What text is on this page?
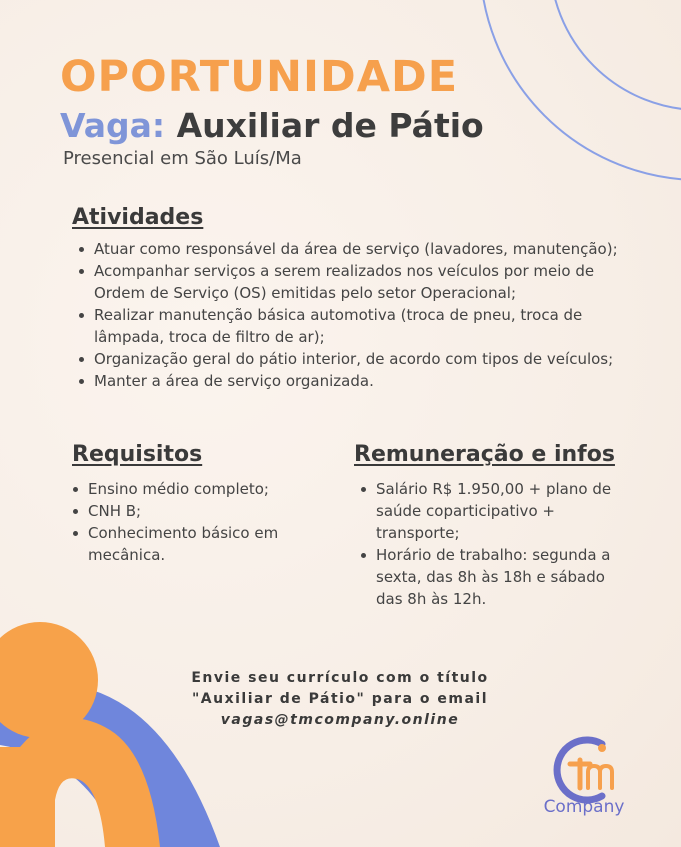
OPORTUNIDADE
Vaga: Auxiliar de Pátio
Presencial em São Luís/Ma
Atividades
Atuar como responsável da área de serviço (lavadores, manutenção);
Acompanhar serviços a serem realizados nos veículos por meio de Ordem de Serviço (OS) emitidas pelo setor Operacional;
Realizar manutenção básica automotiva (troca de pneu, troca de lâmpada, troca de filtro de ar);
Organização geral do pátio interior, de acordo com tipos de veículos;
Manter a área de serviço organizada.
Requisitos
Ensino médio completo;
CNH B;
Conhecimento básico em mecânica.
Remuneração e infos
Salário R$ 1.950,00 + plano de saúde coparticipativo + transporte;
Horário de trabalho: segunda a sexta, das 8h às 18h e sábado das 8h às 12h.
Envie seu currículo com o título
"Auxiliar de Pátio" para o email
vagas@tmcompany.online
Company
